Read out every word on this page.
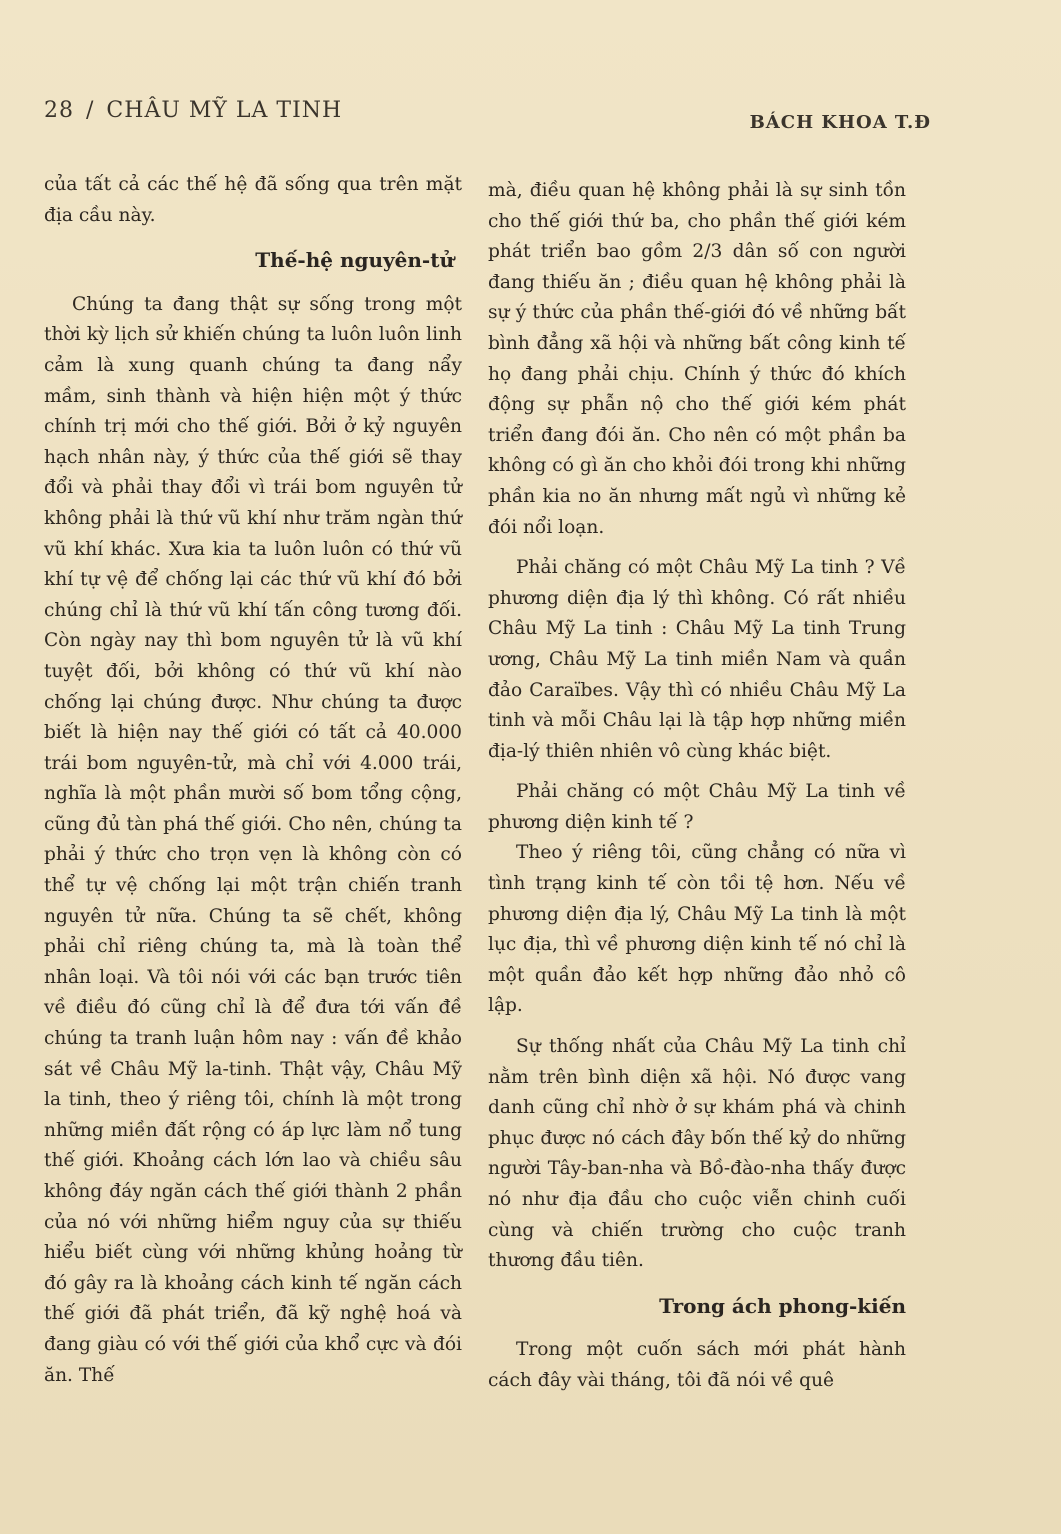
28 / CHÂU MỸ LA TINH	BÁCH KHOA T.Đ

của tất cả các thế hệ đã sống qua trên mặt địa cầu này.

Thế-hệ nguyên-tử

Chúng ta đang thật sự sống trong một thời kỳ lịch sử khiến chúng ta luôn luôn linh cảm là xung quanh chúng ta đang nẩy mầm, sinh thành và hiện hiện một ý thức chính trị mới cho thế giới. Bởi ở kỷ nguyên hạch nhân này, ý thức của thế giới sẽ thay đổi và phải thay đổi vì trái bom nguyên tử không phải là thứ vũ khí như trăm ngàn thứ vũ khí khác. Xưa kia ta luôn luôn có thứ vũ khí tự vệ để chống lại các thứ vũ khí đó bởi chúng chỉ là thứ vũ khí tấn công tương đối. Còn ngày nay thì bom nguyên tử là vũ khí tuyệt đối, bởi không có thứ vũ khí nào chống lại chúng được. Như chúng ta được biết là hiện nay thế giới có tất cả 40.000 trái bom nguyên-tử, mà chỉ với 4.000 trái, nghĩa là một phần mười số bom tổng cộng, cũng đủ tàn phá thế giới. Cho nên, chúng ta phải ý thức cho trọn vẹn là không còn có thể tự vệ chống lại một trận chiến tranh nguyên tử nữa. Chúng ta sẽ chết, không phải chỉ riêng chúng ta, mà là toàn thể nhân loại. Và tôi nói với các bạn trước tiên về điều đó cũng chỉ là để đưa tới vấn đề chúng ta tranh luận hôm nay : vấn đề khảo sát về Châu Mỹ la-tinh. Thật vậy, Châu Mỹ la tinh, theo ý riêng tôi, chính là một trong những miền đất rộng có áp lực làm nổ tung thế giới. Khoảng cách lớn lao và chiều sâu không đáy ngăn cách thế giới thành 2 phần của nó với những hiểm nguy của sự thiếu hiểu biết cùng với những khủng hoảng từ đó gây ra là khoảng cách kinh tế ngăn cách thế giới đã phát triển, đã kỹ nghệ hoá và đang giàu có với thế giới của khổ cực và đói ăn. Thế

mà, điều quan hệ không phải là sự sinh tồn cho thế giới thứ ba, cho phần thế giới kém phát triển bao gồm 2/3 dân số con người đang thiếu ăn ; điều quan hệ không phải là sự ý thức của phần thế-giới đó về những bất bình đẳng xã hội và những bất công kinh tế họ đang phải chịu. Chính ý thức đó khích động sự phẫn nộ cho thế giới kém phát triển đang đói ăn. Cho nên có một phần ba không có gì ăn cho khỏi đói trong khi những phần kia no ăn nhưng mất ngủ vì những kẻ đói nổi loạn.

Phải chăng có một Châu Mỹ La tinh ? Về phương diện địa lý thì không. Có rất nhiều Châu Mỹ La tinh : Châu Mỹ La tinh Trung ương, Châu Mỹ La tinh miền Nam và quần đảo Caraïbes. Vậy thì có nhiều Châu Mỹ La tinh và mỗi Châu lại là tập hợp những miền địa-lý thiên nhiên vô cùng khác biệt.

Phải chăng có một Châu Mỹ La tinh về phương diện kinh tế ?

Theo ý riêng tôi, cũng chẳng có nữa vì tình trạng kinh tế còn tồi tệ hơn. Nếu về phương diện địa lý, Châu Mỹ La tinh là một lục địa, thì về phương diện kinh tế nó chỉ là một quần đảo kết hợp những đảo nhỏ cô lập.

Sự thống nhất của Châu Mỹ La tinh chỉ nằm trên bình diện xã hội. Nó được vang danh cũng chỉ nhờ ở sự khám phá và chinh phục được nó cách đây bốn thế kỷ do những người Tây-ban-nha và Bồ-đào-nha thấy được nó như địa đầu cho cuộc viễn chinh cuối cùng và chiến trường cho cuộc tranh thương đầu tiên.

Trong ách phong-kiến

Trong một cuốn sách mới phát hành cách đây vài tháng, tôi đã nói về quê
